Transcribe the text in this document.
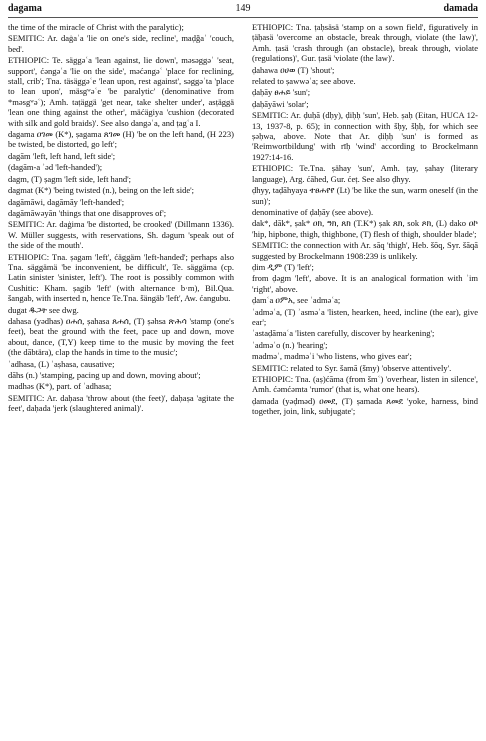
dagama	149	damada

the time of the miracle of Christ with the paralytic);

SEMITIC: Ar. daġaʿa 'lie on one's side, recline', maḍǧaʿ 'couch, bed'.

ETHIOPIC: Te. säggəʿa 'lean against, lie down', məsəggəʿ 'seat, support', ćəngəʿa 'lie on the side', məćəngəʿ 'place for reclining, stall, crib'; Tna. täsäggəʿe 'lean upon, rest against', səggəʿta 'place to lean upon', mäsgʷəʿe 'be paralytic' (denominative from *məsgʷəʿ); Amh. taṭäggä 'get near, take shelter under', asṭäggä 'lean one thing against the other', mäćägiya 'cushion (decorated with silk and gold braids)'. See also dangəʿa, and ṭagʿa I.

dagama ዐገመ (K*), ṣagama ጸገመ (H) 'be on the left hand, (H 223) be twisted, be distorted, go left';

dagām 'left, left hand, left side';

(dagām-a ʾəd 'left-handed');

dagm, (T) ṣagm 'left side, left hand';

dagmat (K*) 'being twisted (n.), being on the left side';

dagāmāwi, dagāmāy 'left-handed';

dagāmāwəyān 'things that one disapproves of';

SEMITIC: Ar. daġima 'be distorted, be crooked' (Dillmann 1336). W. Müller suggests, with reservations, Sh. dəgum 'speak out of the side of the mouth'.

ETHIOPIC: Tna. ṣagam 'left', ćäggäm 'left-handed'; perhaps also Tna. säggämä 'be inconvenient, be difficult', Te. säggäma (cp. Latin sinister 'sinister, left'). The root is possibly common with Cushitic: Kham. ṣagib 'left' (with alternance b·m), Bil.Qua. šangab, with inserted n, hence Te.Tna. šängäb 'left', Aw. ćangubu.

dugat ዱጋት see dwg.

dahasa (yədhas) ዐሐሰ, ṣahasa ጸሐሰ, (T) ṣəhsa ጽሕሳ 'stamp (one's feet), beat the ground with the feet, pace up and down, move about, dance, (T,Y) keep time to the music by moving the feet (the dābtära), clap the hands in time to the music';

ʾadhasa, (L) ʾaṣhasa, causative;

dāhs (n.) 'stamping, pacing up and down, moving about';

madhəs (K*), part. of ʾadhasa;

SEMITIC: Ar. daḥasa 'throw about (the feet)', daḥaṣa 'agitate the feet', daḥada 'jerk (slaughtered animal)'.

ETHIOPIC: Tna. ṭaḥsäsä 'stamp on a sown field', figuratively in ṭäḥasä 'overcome an obstacle, break through, violate (the law)', Amh. ṭasä 'crash through (an obstacle), break through, violate (regulations)', Gur. ṭasä 'violate (the law)'.

ḍahawa ዐሀወ (T) 'shout';

related to ṣawwəʿa; see above.

ḍaḥāy ፀሐይ 'sun';

ḍaḥāyāwi 'solar';

SEMITIC: Ar. ḍuḥā (dḥy), ḍiḥḥ 'sun', Heb. ṣaḥ (Eitan, HUCA 12-13, 1937-8, p. 65); in connection with šḥy, šḥḥ, for which see ṣəḥwa, above. Note that Ar. ḍiḥḥ 'sun' is formed as 'Reimwortbildung' with rīḥ 'wind' according to Brockelmann 1927:14-16.

ETHIOPIC: Te.Tna. ṣähay 'sun', Amh. ṭay, ṣahay (literary language), Arg. ćāhed, Gur. ćeṭ. See also ḍhyy.

ḍhyy, taḍāhyaya ተፀሐየየ (Lt) 'be like the sun, warm oneself (in the sun)';

denominative of ḍaḥāy (see above).

dak*, dāk*, ṣak* ዐክ, ዓክ, ጸክ (T.K*) ṣak ጸክ, sok ጾክ, (L) dako ዐኮ 'hip, hipbone, thigh, thighbone, (T) flesh of thigh, shoulder blade';

SEMITIC: the connection with Ar. sāq 'thigh', Heb. šōq, Syr. šāqā suggested by Brockelmann 1908:239 is unlikely.

ḍim ዲም (T) 'left';

from ḍəgm 'left', above. It is an analogical formation with ʾim 'right', above.

ḍamʿa ዐምአ, see ʾadməʿa;

ʾadməʿa, (T) ʾasməʿa 'listen, hearken, heed, incline (the ear), give ear';

ʾastaḍāmaʿa 'listen carefully, discover by hearkening';

ʾadməʿo (n.) 'hearing';

madməʿ, madməʿi 'who listens, who gives ear';

SEMITIC: related to Syr. šamā (šmy) 'observe attentively'.

ETHIOPIC: Tna. (aṣ)ćāma (from šmʿ) 'overhear, listen in silence', Amh. ćəmćəmta 'rumor' (that is, what one hears).

ḍamada (yəḍməd) ዐመደ, (T) ṣamada ጸመደ 'yoke, harness, bind together, join, link, subjugate';
